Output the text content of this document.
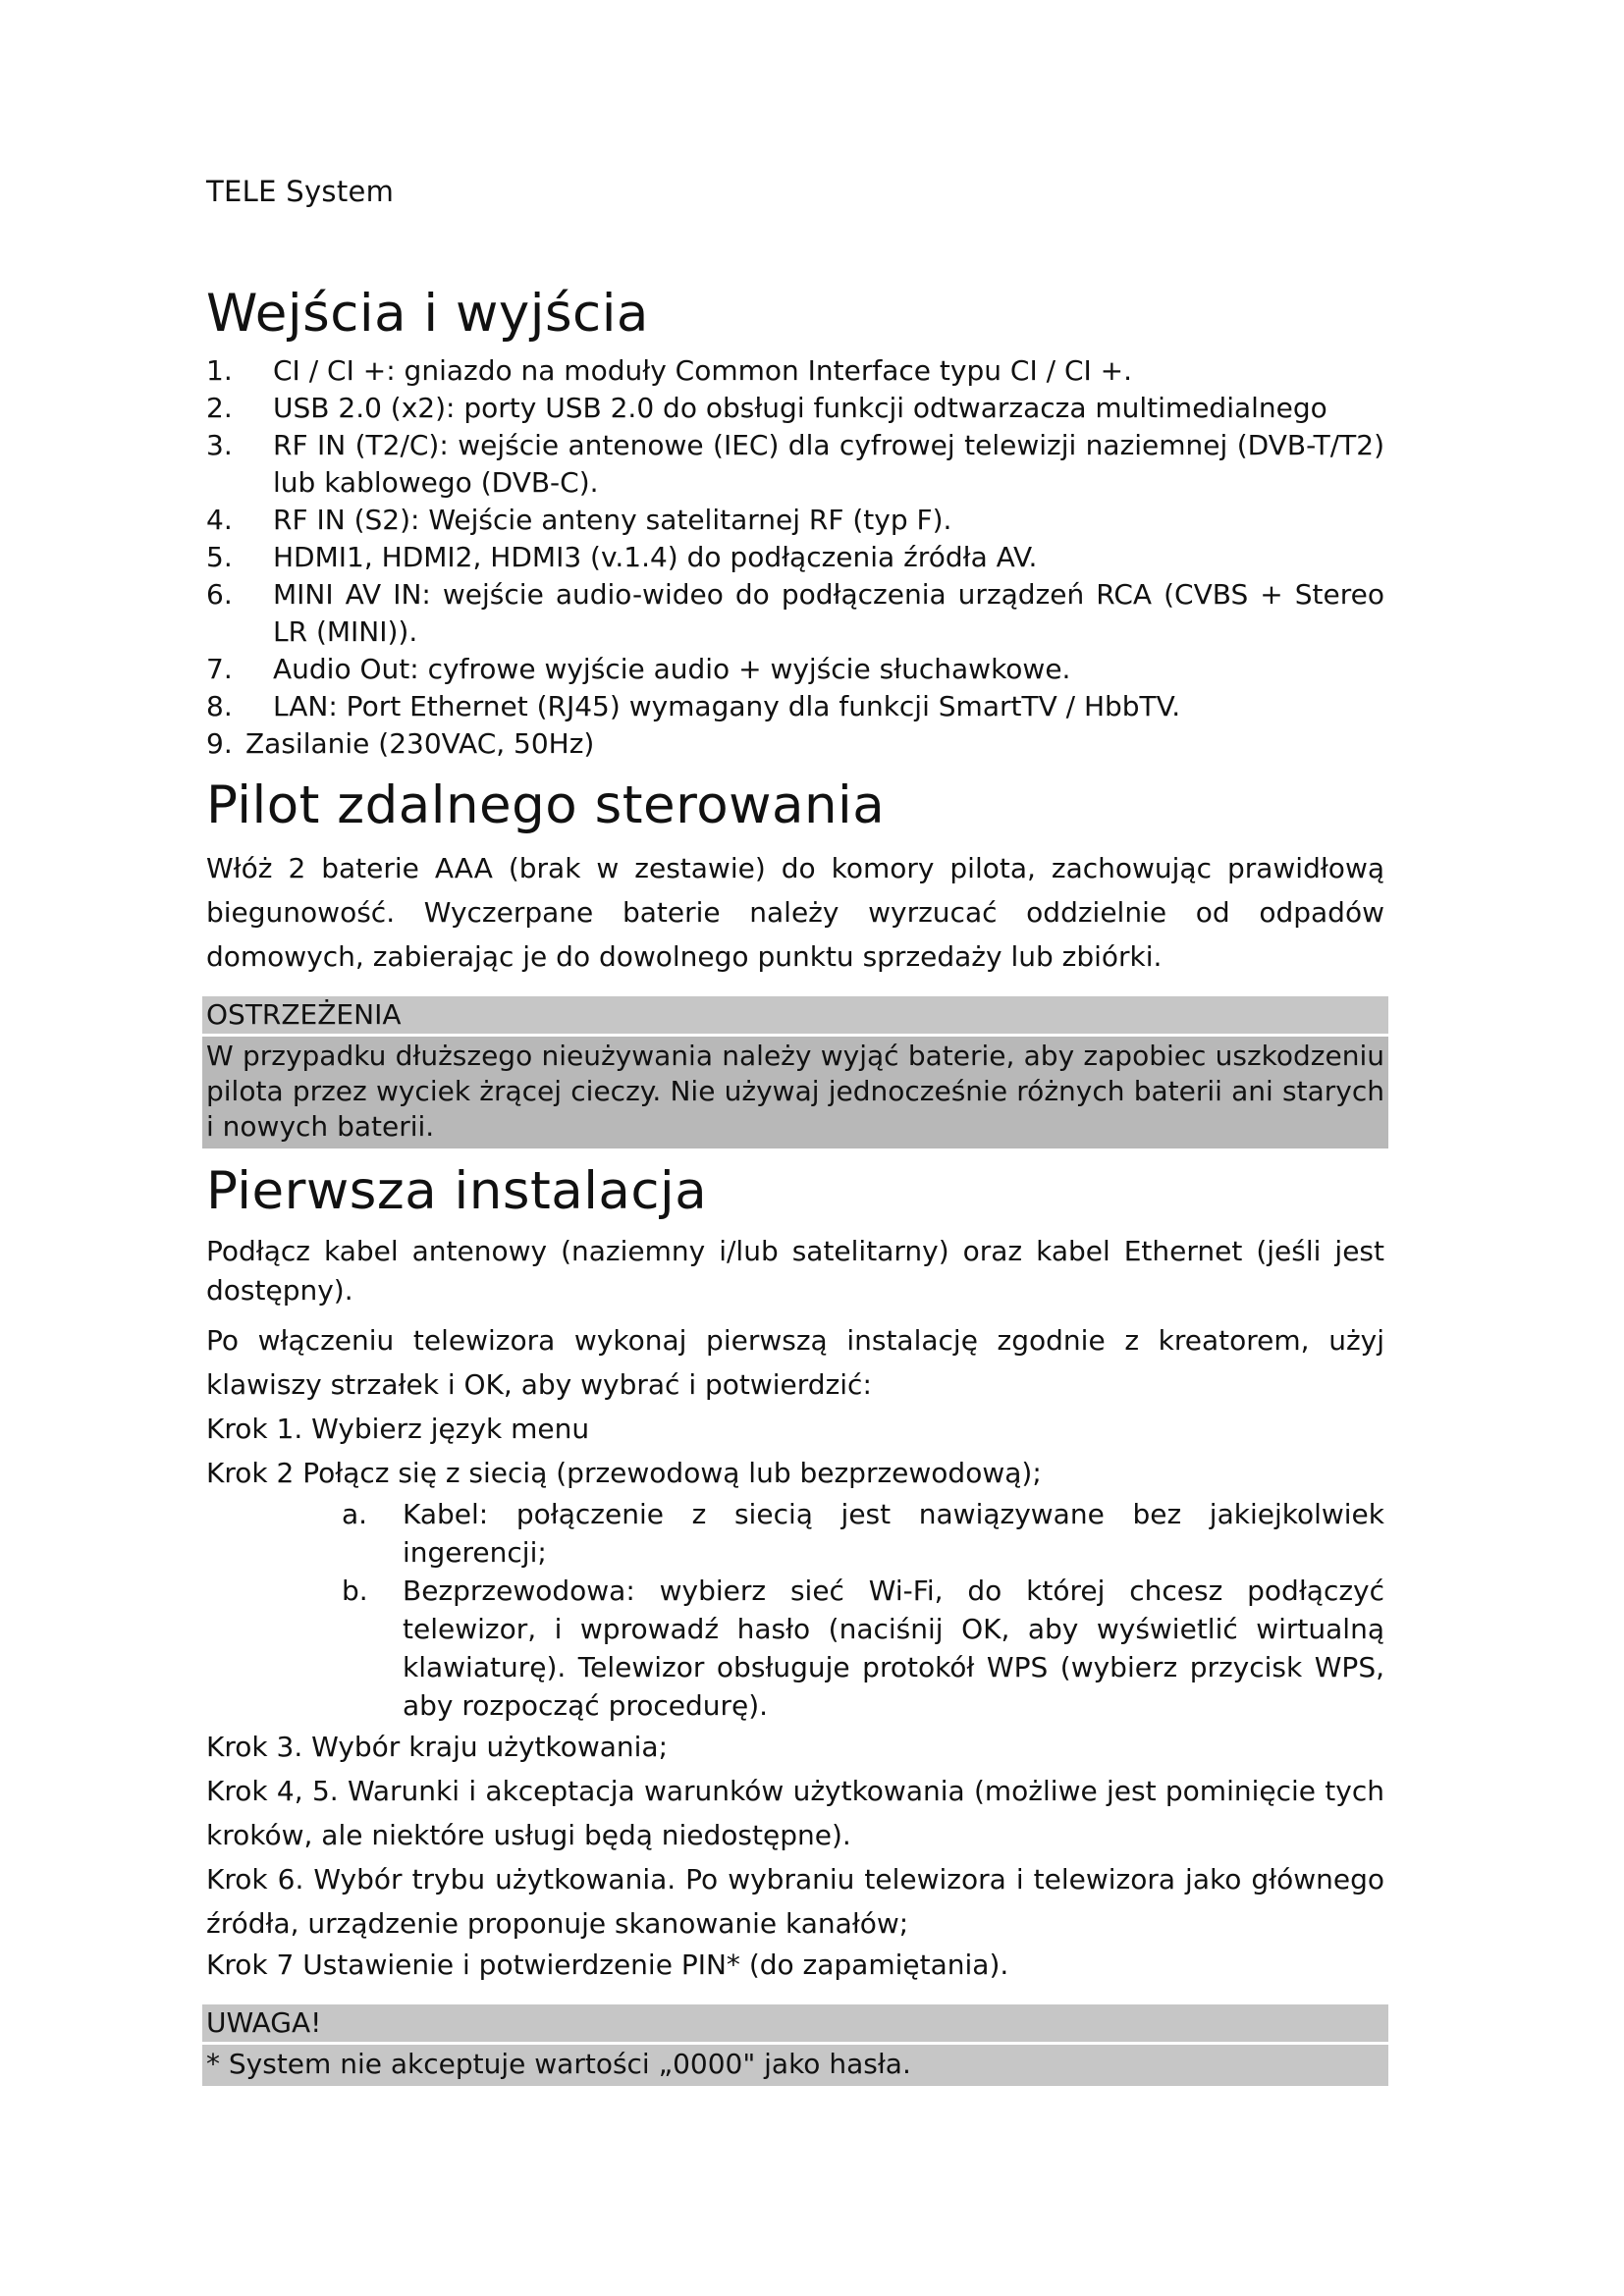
TELE System
Wejścia i wyjścia
1. CI / CI +: gniazdo na moduły Common Interface typu CI / CI +.
2. USB 2.0 (x2): porty USB 2.0 do obsługi funkcji odtwarzacza multimedialnego
3. RF IN (T2/C): wejście antenowe (IEC) dla cyfrowej telewizji naziemnej (DVB-T/T2) lub kablowego (DVB-C).
4. RF IN (S2): Wejście anteny satelitarnej RF (typ F).
5. HDMI1, HDMI2, HDMI3 (v.1.4) do podłączenia źródła AV.
6. MINI AV IN: wejście audio-wideo do podłączenia urządzeń RCA (CVBS + Stereo LR (MINI)).
7. Audio Out: cyfrowe wyjście audio + wyjście słuchawkowe.
8. LAN: Port Ethernet (RJ45) wymagany dla funkcji SmartTV / HbbTV.
9. Zasilanie (230VAC, 50Hz)
Pilot zdalnego sterowania

Włóż 2 baterie AAA (brak w zestawie) do komory pilota, zachowując prawidłową biegunowość. Wyczerpane baterie należy wyrzucać oddzielnie od odpadów domowych, zabierając je do dowolnego punktu sprzedaży lub zbiórki.

OSTRZEŻENIA
W przypadku dłuższego nieużywania należy wyjąć baterie, aby zapobiec uszkodzeniu pilota przez wyciek żrącej cieczy. Nie używaj jednocześnie różnych baterii ani starych i nowych baterii.
Pierwsza instalacja

Podłącz kabel antenowy (naziemny i/lub satelitarny) oraz kabel Ethernet (jeśli jest dostępny).

Po włączeniu telewizora wykonaj pierwszą instalację zgodnie z kreatorem, użyj klawiszy strzałek i OK, aby wybrać i potwierdzić:

Krok 1. Wybierz język menu

Krok 2 Połącz się z siecią (przewodową lub bezprzewodową);

a. Kabel: połączenie z siecią jest nawiązywane bez jakiejkolwiek ingerencji;
b. Bezprzewodowa: wybierz sieć Wi-Fi, do której chcesz podłączyć telewizor, i wprowadź hasło (naciśnij OK, aby wyświetlić wirtualną klawiaturę). Telewizor obsługuje protokół WPS (wybierz przycisk WPS, aby rozpocząć procedurę).

Krok 3. Wybór kraju użytkowania;

Krok 4, 5. Warunki i akceptacja warunków użytkowania (możliwe jest pominięcie tych kroków, ale niektóre usługi będą niedostępne).

Krok 6. Wybór trybu użytkowania. Po wybraniu telewizora i telewizora jako głównego źródła, urządzenie proponuje skanowanie kanałów;

Krok 7 Ustawienie i potwierdzenie PIN* (do zapamiętania).

UWAGA!
* System nie akceptuje wartości „0000" jako hasła.
